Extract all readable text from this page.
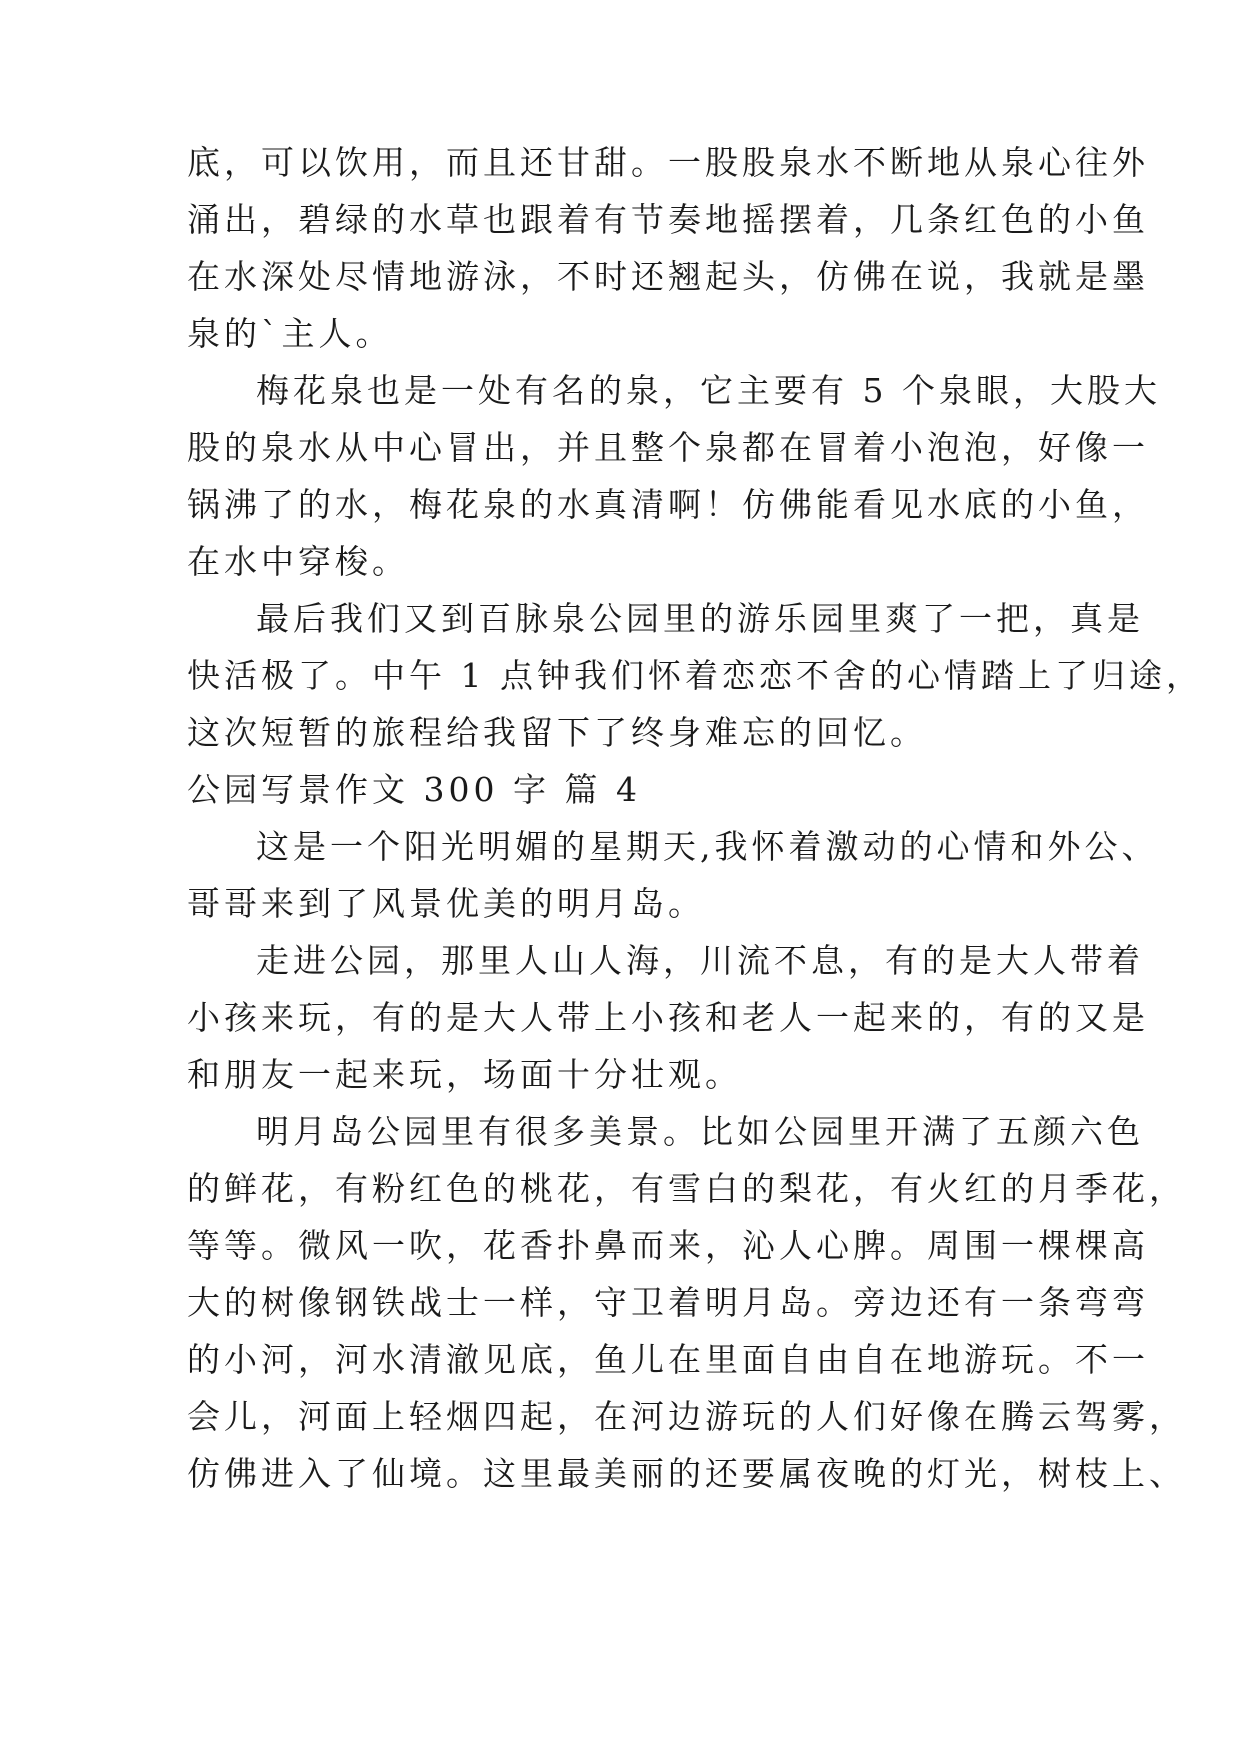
底，可以饮用，而且还甘甜。一股股泉水不断地从泉心往外
涌出，碧绿的水草也跟着有节奏地摇摆着，几条红色的小鱼
在水深处尽情地游泳，不时还翘起头，仿佛在说，我就是墨
泉的`主人。
梅花泉也是一处有名的泉，它主要有 5 个泉眼，大股大
股的泉水从中心冒出，并且整个泉都在冒着小泡泡，好像一
锅沸了的水，梅花泉的水真清啊！仿佛能看见水底的小鱼，
在水中穿梭。
最后我们又到百脉泉公园里的游乐园里爽了一把，真是
快活极了。中午 1 点钟我们怀着恋恋不舍的心情踏上了归途，
这次短暂的旅程给我留下了终身难忘的回忆。
公园写景作文 300 字 篇 4
这是一个阳光明媚的星期天,我怀着激动的心情和外公、
哥哥来到了风景优美的明月岛。
走进公园，那里人山人海，川流不息，有的是大人带着
小孩来玩，有的是大人带上小孩和老人一起来的，有的又是
和朋友一起来玩，场面十分壮观。
明月岛公园里有很多美景。比如公园里开满了五颜六色
的鲜花，有粉红色的桃花，有雪白的梨花，有火红的月季花，
等等。微风一吹，花香扑鼻而来，沁人心脾。周围一棵棵高
大的树像钢铁战士一样，守卫着明月岛。旁边还有一条弯弯
的小河，河水清澈见底，鱼儿在里面自由自在地游玩。不一
会儿，河面上轻烟四起，在河边游玩的人们好像在腾云驾雾，
仿佛进入了仙境。这里最美丽的还要属夜晚的灯光，树枝上、
